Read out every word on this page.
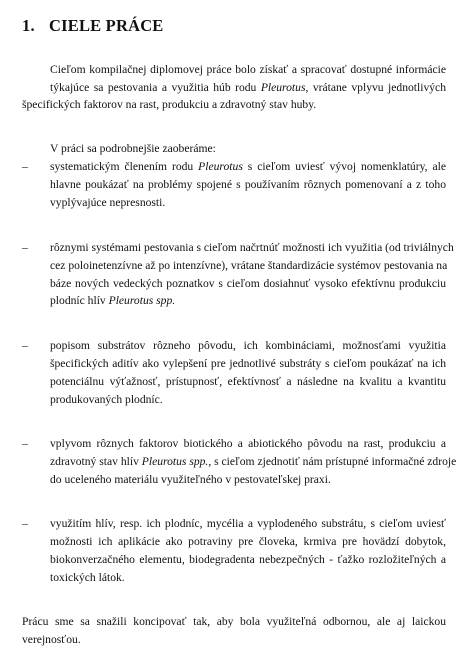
1. CIELE PRÁCE
Cieľom kompilačnej diplomovej práce bolo získať a spracovať dostupné informácie
týkajúce sa pestovania a využitia húb rodu Pleurotus, vrátane vplyvu jednotlivých
špecifických faktorov na rast, produkciu a zdravotný stav huby.
V práci sa podrobnejšie zaoberáme:
– systematickým členením rodu Pleurotus s cieľom uviesť vývoj nomenklatúry, ale
hlavne poukázať na problémy spojené s používaním rôznych pomenovaní a z toho
vyplývajúce nepresnosti.
– rôznymi systémami pestovania s cieľom načrtnúť možnosti ich využitia (od triviálnych
cez poloinetenzívne až po intenzívne), vrátane štandardizácie systémov pestovania na
báze nových vedeckých poznatkov s cieľom dosiahnuť vysoko efektívnu produkciu
plodníc hlív Pleurotus spp.
– popisom substrátov rôzneho pôvodu, ich kombináciami, možnosťami využitia
špecifických aditív ako vylepšení pre jednotlivé substráty s cieľom poukázať na ich
potenciálnu výťažnosť, prístupnosť, efektívnosť a následne na kvalitu a kvantitu
produkovaných plodníc.
– vplyvom rôznych faktorov biotického a abiotického pôvodu na rast, produkciu a
zdravotný stav hlív Pleurotus spp., s cieľom zjednotiť nám prístupné informačné zdroje
do uceleného materiálu využiteľného v pestovateľskej praxi.
– využitím hlív, resp. ich plodníc, mycélia a vyplodeného substrátu, s cieľom uviesť
možnosti ich aplikácie ako potraviny pre človeka, krmiva pre hovädzí dobytok,
biokonverzačného elementu, biodegradenta nebezpečných - ťažko rozložiteľných a
toxických látok.
Prácu sme sa snažili koncipovať tak, aby bola využiteľná odbornou, ale aj laickou
verejnosťou.
